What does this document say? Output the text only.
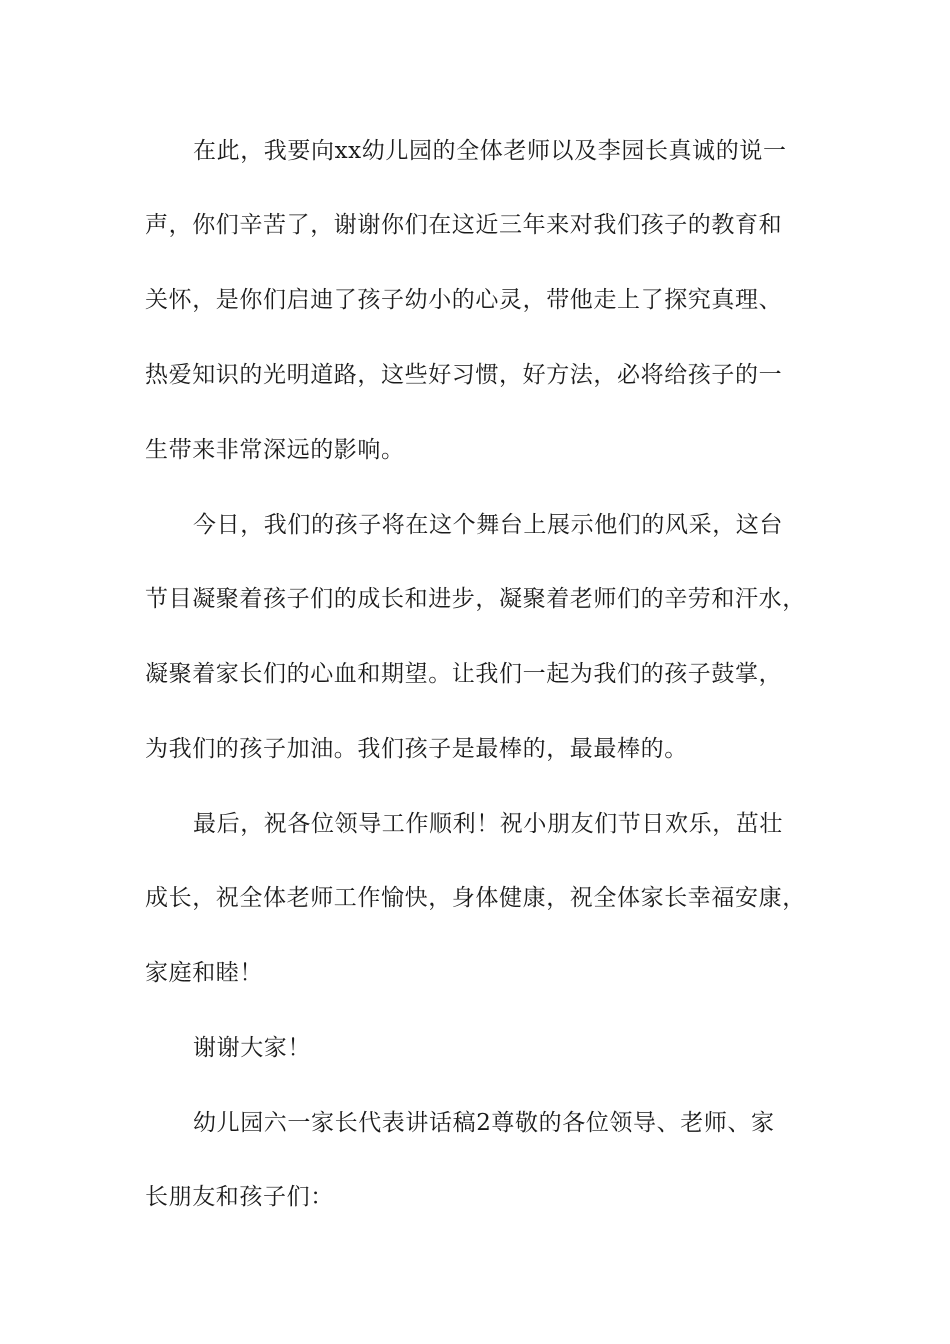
在此，我要向xx幼儿园的全体老师以及李园长真诚的说一
声，你们辛苦了，谢谢你们在这近三年来对我们孩子的教育和
关怀，是你们启迪了孩子幼小的心灵，带他走上了探究真理、
热爱知识的光明道路，这些好习惯，好方法，必将给孩子的一
生带来非常深远的影响。
今日，我们的孩子将在这个舞台上展示他们的风采，这台
节目凝聚着孩子们的成长和进步，凝聚着老师们的辛劳和汗水，
凝聚着家长们的心血和期望。让我们一起为我们的孩子鼓掌，
为我们的孩子加油。我们孩子是最棒的，最最棒的。
最后，祝各位领导工作顺利！祝小朋友们节日欢乐，茁壮
成长，祝全体老师工作愉快，身体健康，祝全体家长幸福安康，
家庭和睦！
谢谢大家！
幼儿园六一家长代表讲话稿2尊敬的各位领导、老师、家
长朋友和孩子们：
